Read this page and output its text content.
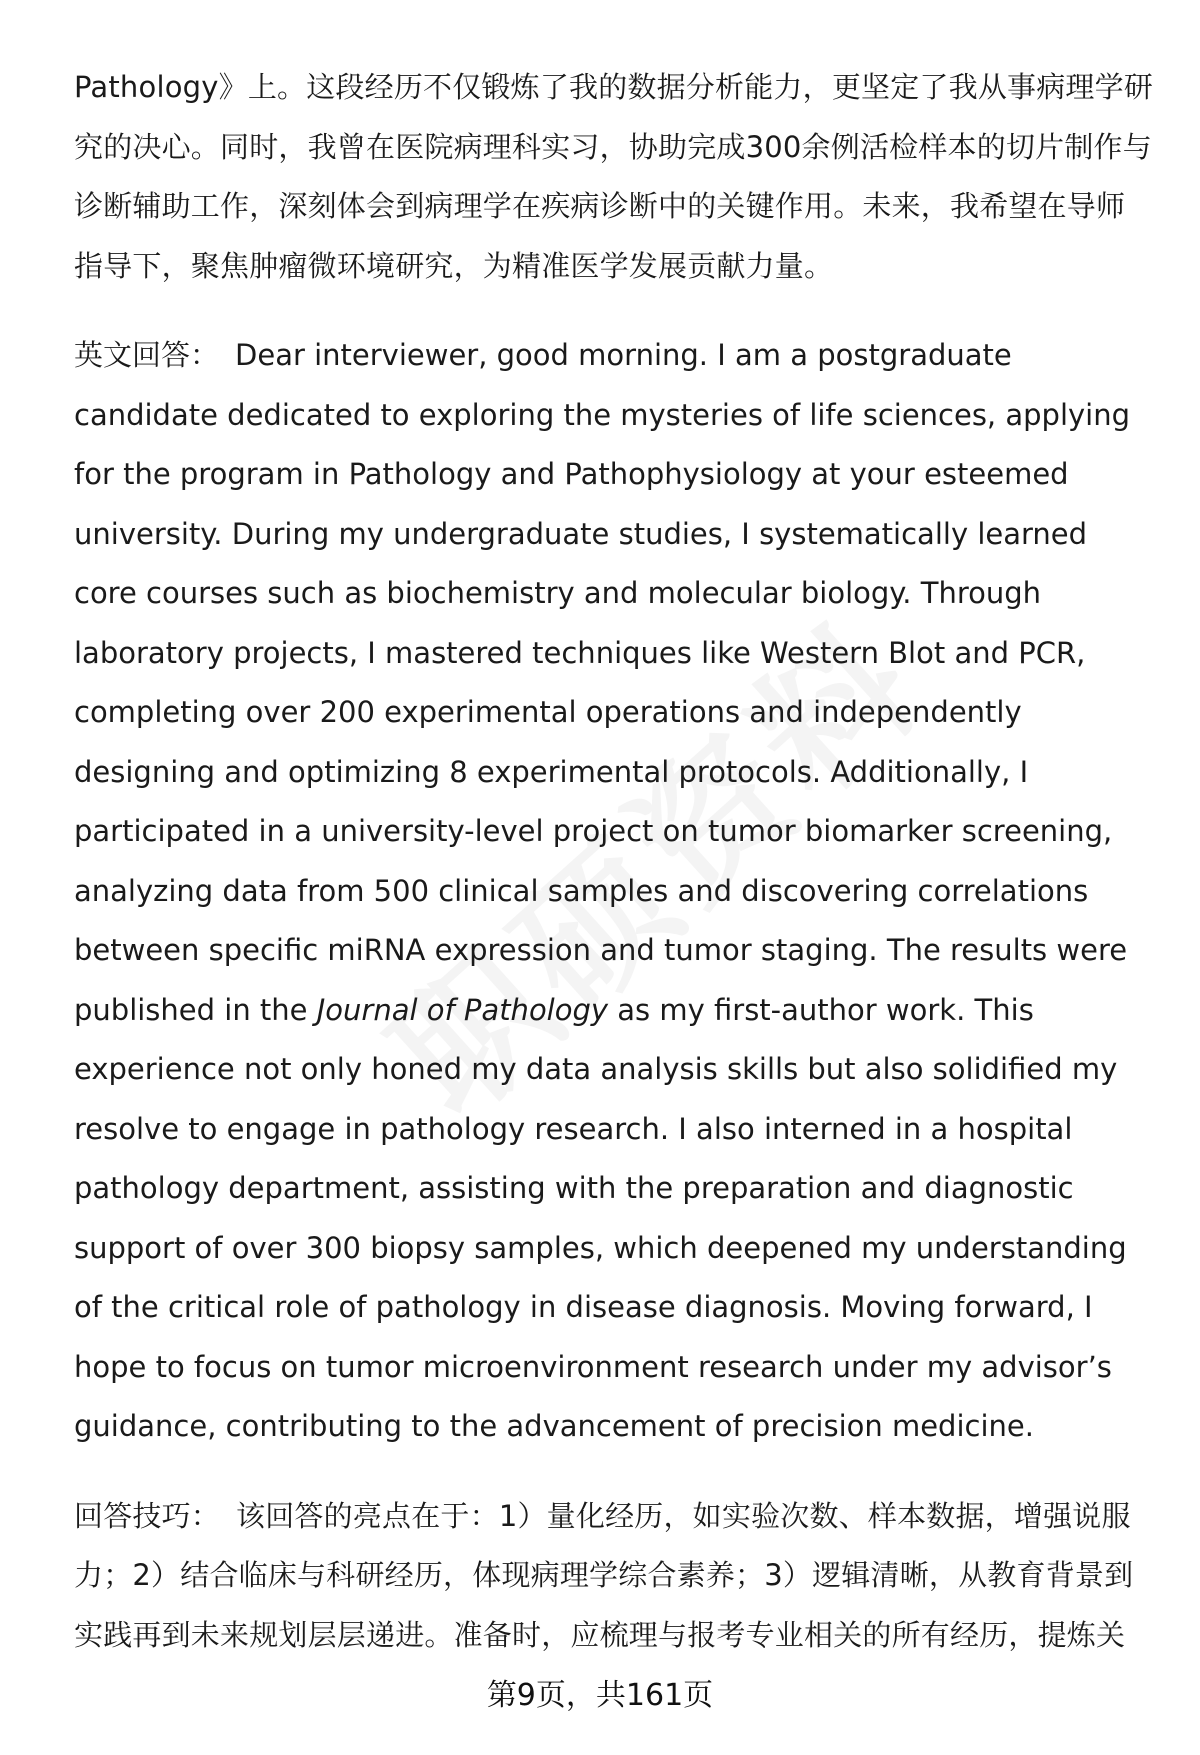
Pathology》上。这段经历不仅锻炼了我的数据分析能力，更坚定了我从事病理学研究的决心。同时，我曾在医院病理科实习，协助完成300余例活检样本的切片制作与诊断辅助工作，深刻体会到病理学在疾病诊断中的关键作用。未来，我希望在导师指导下，聚焦肿瘤微环境研究，为精准医学发展贡献力量。

英文回答： Dear interviewer, good morning. I am a postgraduate candidate dedicated to exploring the mysteries of life sciences, applying for the program in Pathology and Pathophysiology at your esteemed university. During my undergraduate studies, I systematically learned core courses such as biochemistry and molecular biology. Through laboratory projects, I mastered techniques like Western Blot and PCR, completing over 200 experimental operations and independently designing and optimizing 8 experimental protocols. Additionally, I participated in a university-level project on tumor biomarker screening, analyzing data from 500 clinical samples and discovering correlations between specific miRNA expression and tumor staging. The results were published in the Journal of Pathology as my first-author work. This experience not only honed my data analysis skills but also solidified my resolve to engage in pathology research. I also interned in a hospital pathology department, assisting with the preparation and diagnostic support of over 300 biopsy samples, which deepened my understanding of the critical role of pathology in disease diagnosis. Moving forward, I hope to focus on tumor microenvironment research under my advisor’s guidance, contributing to the advancement of precision medicine.

回答技巧： 该回答的亮点在于：1）量化经历，如实验次数、样本数据，增强说服力；2）结合临床与科研经历，体现病理学综合素养；3）逻辑清晰，从教育背景到实践再到未来规划层层递进。准备时，应梳理与报考专业相关的所有经历，提炼关

第9页，共161页
